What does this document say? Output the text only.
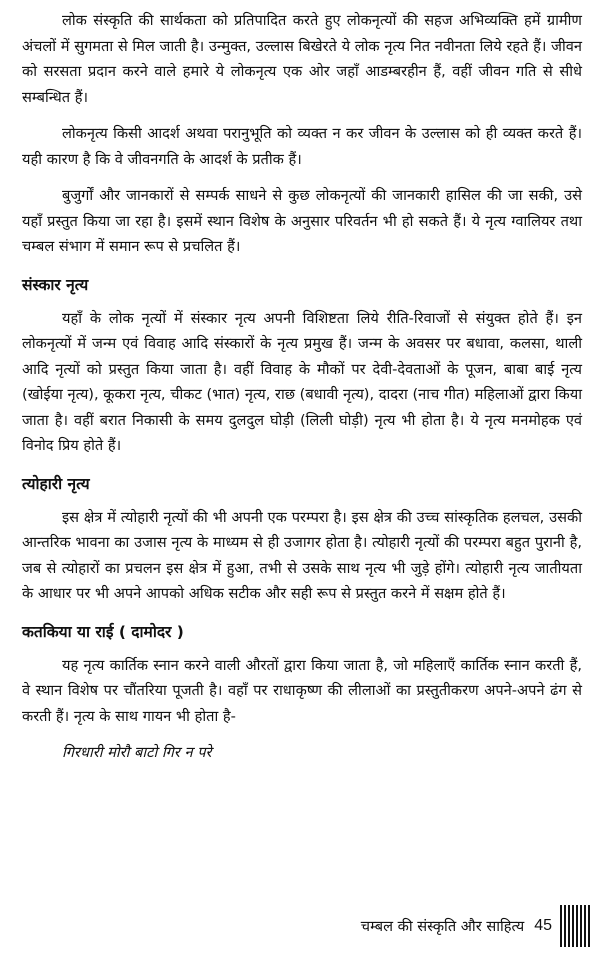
लोक संस्कृति की सार्थकता को प्रतिपादित करते हुए लोकनृत्यों की सहज अभिव्यक्ति हमें ग्रामीण अंचलों में सुगमता से मिल जाती है। उन्मुक्त, उल्लास बिखेरते ये लोक नृत्य नित नवीनता लिये रहते हैं। जीवन को सरसता प्रदान करने वाले हमारे ये लोकनृत्य एक ओर जहाँ आडम्बरहीन हैं, वहीं जीवन गति से सीधे सम्बन्धित हैं।

लोकनृत्य किसी आदर्श अथवा परानुभूति को व्यक्त न कर जीवन के उल्लास को ही व्यक्त करते हैं। यही कारण है कि वे जीवनगति के आदर्श के प्रतीक हैं।

बुजुर्गों और जानकारों से सम्पर्क साधने से कुछ लोकनृत्यों की जानकारी हासिल की जा सकी, उसे यहाँ प्रस्तुत किया जा रहा है। इसमें स्थान विशेष के अनुसार परिवर्तन भी हो सकते हैं। ये नृत्य ग्वालियर तथा चम्बल संभाग में समान रूप से प्रचलित हैं।

संस्कार नृत्य

यहाँ के लोक नृत्यों में संस्कार नृत्य अपनी विशिष्टता लिये रीति-रिवाजों से संयुक्त होते हैं। इन लोकनृत्यों में जन्म एवं विवाह आदि संस्कारों के नृत्य प्रमुख हैं। जन्म के अवसर पर बधावा, कलसा, थाली आदि नृत्यों को प्रस्तुत किया जाता है। वहीं विवाह के मौकों पर देवी-देवताओं के पूजन, बाबा बाई नृत्य (खोईया नृत्य), कूकरा नृत्य, चीकट (भात) नृत्य, राछ (बधावी नृत्य), दादरा (नाच गीत) महिलाओं द्वारा किया जाता है। वहीं बरात निकासी के समय दुलदुल घोड़ी (लिली घोड़ी) नृत्य भी होता है। ये नृत्य मनमोहक एवं विनोद प्रिय होते हैं।

त्योहारी नृत्य

इस क्षेत्र में त्योहारी नृत्यों की भी अपनी एक परम्परा है। इस क्षेत्र की उच्च सांस्कृतिक हलचल, उसकी आन्तरिक भावना का उजास नृत्य के माध्यम से ही उजागर होता है। त्योहारी नृत्यों की परम्परा बहुत पुरानी है, जब से त्योहारों का प्रचलन इस क्षेत्र में हुआ, तभी से उसके साथ नृत्य भी जुड़े होंगे। त्योहारी नृत्य जातीयता के आधार पर भी अपने आपको अधिक सटीक और सही रूप से प्रस्तुत करने में सक्षम होते हैं।

कतकिया या राई ( दामोदर )

यह नृत्य कार्तिक स्नान करने वाली औरतों द्वारा किया जाता है, जो महिलाएँ कार्तिक स्नान करती हैं, वे स्थान विशेष पर चौंतरिया पूजती है। वहाँ पर राधाकृष्ण की लीलाओं का प्रस्तुतीकरण अपने-अपने ढंग से करती हैं। नृत्य के साथ गायन भी होता है-

गिरधारी मोरौ बाटो गिर न परे
चम्बल की संस्कृति और साहित्य 45
